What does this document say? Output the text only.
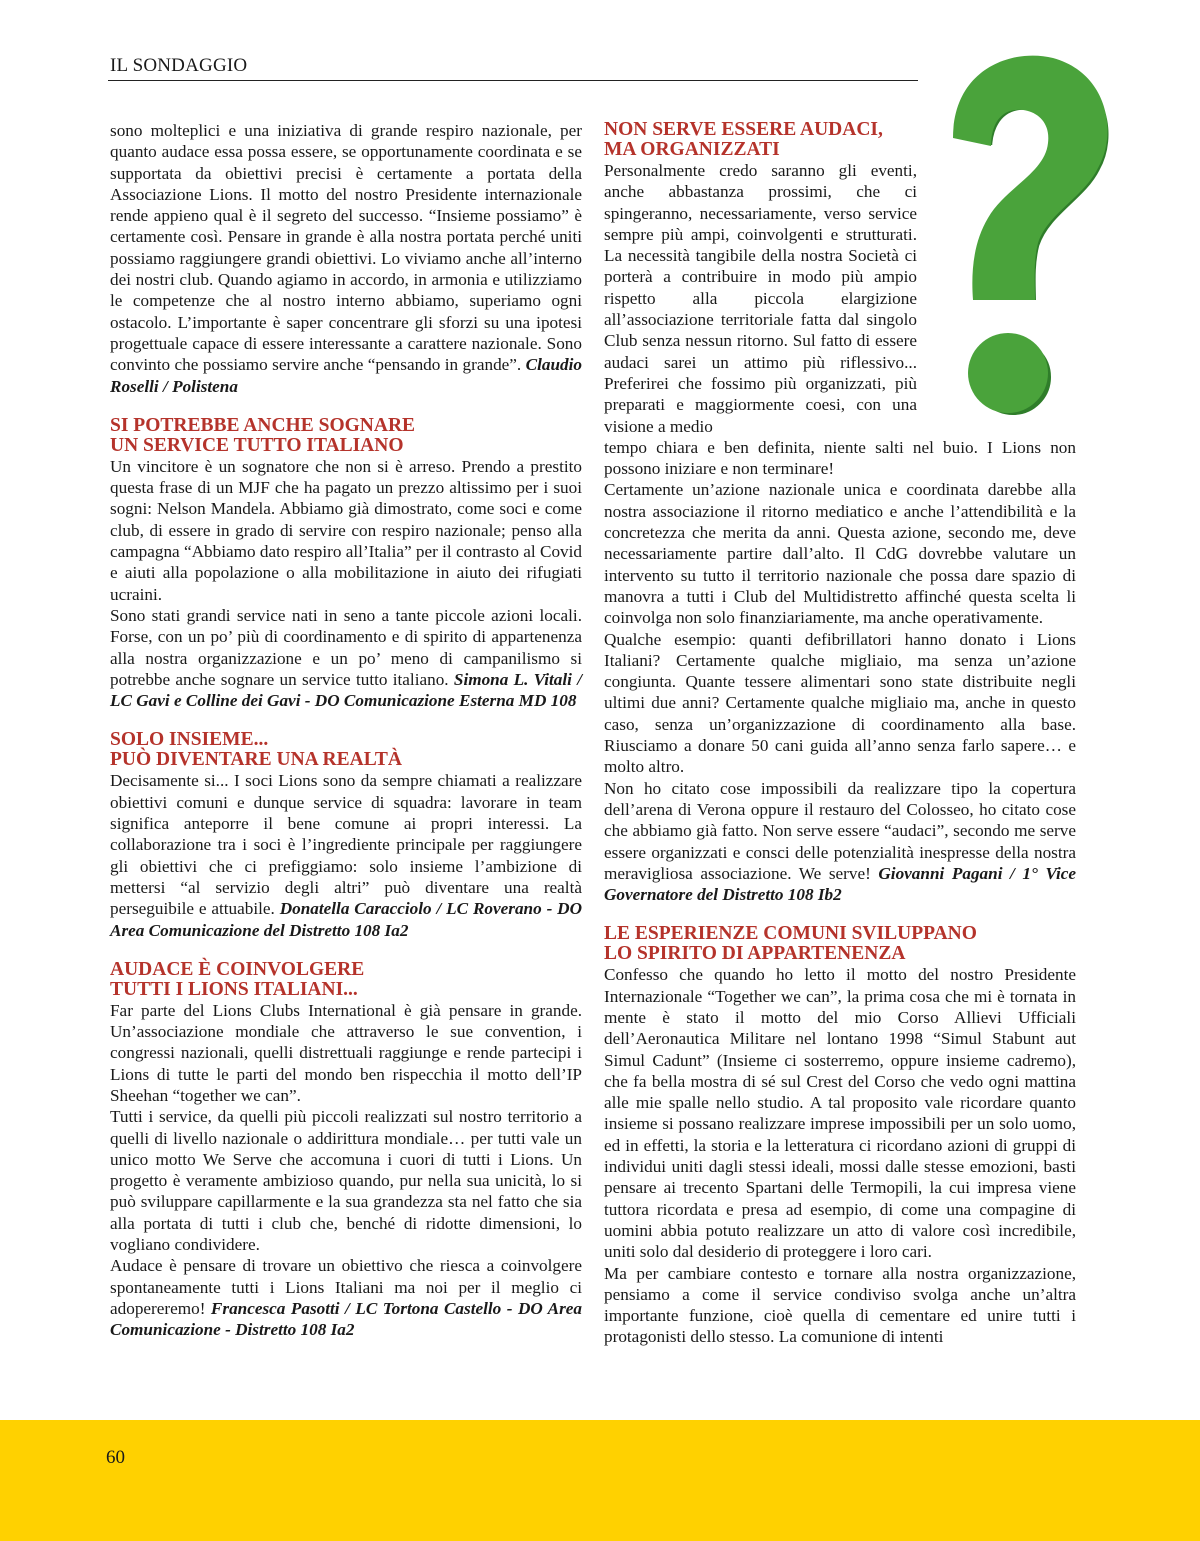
IL SONDAGGIO

sono molteplici e una iniziativa di grande respiro nazionale, per quanto audace essa possa essere, se opportunamente coordinata e se supportata da obiettivi precisi è certamente a portata della Associazione Lions. Il motto del nostro Presidente internazionale rende appieno qual è il segreto del successo. “Insieme possiamo” è certamente così. Pensare in grande è alla nostra portata perché uniti possiamo raggiungere grandi obiettivi. Lo viviamo anche all’interno dei nostri club. Quando agiamo in accordo, in armonia e utilizziamo le competenze che al nostro interno abbiamo, superiamo ogni ostacolo. L’importante è saper concentrare gli sforzi su una ipotesi progettuale capace di essere interessante a carattere nazionale. Sono convinto che possiamo servire anche “pensando in grande”. Claudio Roselli / Polistena

SI POTREBBE ANCHE SOGNARE
UN SERVICE TUTTO ITALIANO

Un vincitore è un sognatore che non si è arreso. Prendo a prestito questa frase di un MJF che ha pagato un prezzo altissimo per i suoi sogni: Nelson Mandela. Abbiamo già dimostrato, come soci e come club, di essere in grado di servire con respiro nazionale; penso alla campagna “Abbiamo dato respiro all’Italia” per il contrasto al Covid e aiuti alla popolazione o alla mobilitazione in aiuto dei rifugiati ucraini.

Sono stati grandi service nati in seno a tante piccole azioni locali. Forse, con un po’ più di coordinamento e di spirito di appartenenza alla nostra organizzazione e un po’ meno di campanilismo si potrebbe anche sognare un service tutto italiano. Simona L. Vitali / LC Gavi e Colline dei Gavi - DO Comunicazione Esterna MD 108

SOLO INSIEME...
PUÒ DIVENTARE UNA REALTÀ

Decisamente si... I soci Lions sono da sempre chiamati a realizzare obiettivi comuni e dunque service di squadra: lavorare in team significa anteporre il bene comune ai propri interessi. La collaborazione tra i soci è l’ingrediente principale per raggiungere gli obiettivi che ci prefiggiamo: solo insieme l’ambizione di mettersi “al servizio degli altri” può diventare una realtà perseguibile e attuabile. Donatella Caracciolo / LC Roverano - DO Area Comunicazione del Distretto 108 Ia2

AUDACE È COINVOLGERE
TUTTI I LIONS ITALIANI...

Far parte del Lions Clubs International è già pensare in grande. Un’associazione mondiale che attraverso le sue convention, i congressi nazionali, quelli distrettuali raggiunge e rende partecipi i Lions di tutte le parti del mondo ben rispecchia il motto dell’IP Sheehan “together we can”.

Tutti i service, da quelli più piccoli realizzati sul nostro territorio a quelli di livello nazionale o addirittura mondiale… per tutti vale un unico motto We Serve che accomuna i cuori di tutti i Lions. Un progetto è veramente ambizioso quando, pur nella sua unicità, lo si può sviluppare capillarmente e la sua grandezza sta nel fatto che sia alla portata di tutti i club che, benché di ridotte dimensioni, lo vogliano condividere.

Audace è pensare di trovare un obiettivo che riesca a coinvolgere spontaneamente tutti i Lions Italiani ma noi per il meglio ci adopereremo! Francesca Pasotti / LC Tortona Castello - DO Area Comunicazione - Distretto 108 Ia2

NON SERVE ESSERE AUDACI,
MA ORGANIZZATI

Personalmente credo saranno gli eventi, anche abbastanza prossimi, che ci spingeranno, necessariamente, verso service sempre più ampi, coinvolgenti e strutturati. La necessità tangibile della nostra Società ci porterà a contribuire in modo più ampio rispetto alla piccola elargizione all’associazione territoriale fatta dal singolo Club senza nessun ritorno. Sul fatto di essere audaci sarei un attimo più riflessivo... Preferirei che fossimo più organizzati, più preparati e maggiormente coesi, con una visione a medio

tempo chiara e ben definita, niente salti nel buio. I Lions non possono iniziare e non terminare!

Certamente un’azione nazionale unica e coordinata darebbe alla nostra associazione il ritorno mediatico e anche l’attendibilità e la concretezza che merita da anni. Questa azione, secondo me, deve necessariamente partire dall’alto. Il CdG dovrebbe valutare un intervento su tutto il territorio nazionale che possa dare spazio di manovra a tutti i Club del Multidistretto affinché questa scelta li coinvolga non solo finanziariamente, ma anche operativamente.

Qualche esempio: quanti defibrillatori hanno donato i Lions Italiani? Certamente qualche migliaio, ma senza un’azione congiunta. Quante tessere alimentari sono state distribuite negli ultimi due anni? Certamente qualche migliaio ma, anche in questo caso, senza un’organizzazione di coordinamento alla base. Riusciamo a donare 50 cani guida all’anno senza farlo sapere… e molto altro.

Non ho citato cose impossibili da realizzare tipo la copertura dell’arena di Verona oppure il restauro del Colosseo, ho citato cose che abbiamo già fatto. Non serve essere “audaci”, secondo me serve essere organizzati e consci delle potenzialità inespresse della nostra meravigliosa associazione. We serve! Giovanni Pagani / 1° Vice Governatore del Distretto 108 Ib2

LE ESPERIENZE COMUNI SVILUPPANO
LO SPIRITO DI APPARTENENZA

Confesso che quando ho letto il motto del nostro Presidente Internazionale “Together we can”, la prima cosa che mi è tornata in mente è stato il motto del mio Corso Allievi Ufficiali dell’Aeronautica Militare nel lontano 1998 “Simul Stabunt aut Simul Cadunt” (Insieme ci sosterremo, oppure insieme cadremo), che fa bella mostra di sé sul Crest del Corso che vedo ogni mattina alle mie spalle nello studio. A tal proposito vale ricordare quanto insieme si possano realizzare imprese impossibili per un solo uomo, ed in effetti, la storia e la letteratura ci ricordano azioni di gruppi di individui uniti dagli stessi ideali, mossi dalle stesse emozioni, basti pensare ai trecento Spartani delle Termopili, la cui impresa viene tuttora ricordata e presa ad esempio, di come una compagine di uomini abbia potuto realizzare un atto di valore così incredibile, uniti solo dal desiderio di proteggere i loro cari.

Ma per cambiare contesto e tornare alla nostra organizzazione, pensiamo a come il service condiviso svolga anche un’altra importante funzione, cioè quella di cementare ed unire tutti i protagonisti dello stesso. La comunione di intenti

60
